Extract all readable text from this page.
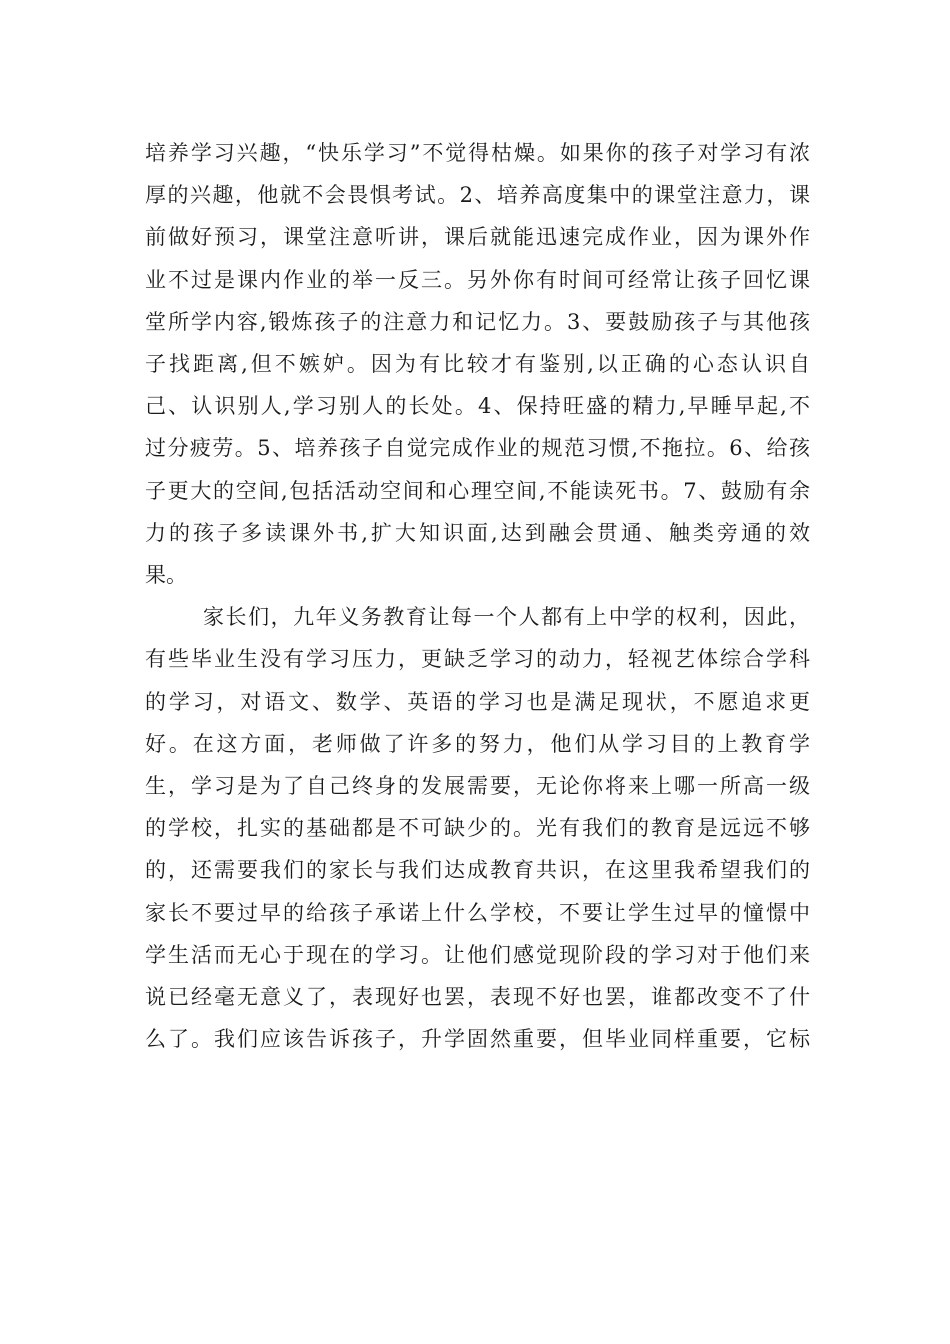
培养学习兴趣，“快乐学习”不觉得枯燥。如果你的孩子对学习有浓
厚的兴趣，他就不会畏惧考试。2、培养高度集中的课堂注意力，课
前做好预习，课堂注意听讲，课后就能迅速完成作业，因为课外作
业不过是课内作业的举一反三。另外你有时间可经常让孩子回忆课
堂所学内容,锻炼孩子的注意力和记忆力。3、要鼓励孩子与其他孩
子找距离,但不嫉妒。因为有比较才有鉴别,以正确的心态认识自
己、认识别人,学习别人的长处。4、保持旺盛的精力,早睡早起,不
过分疲劳。5、培养孩子自觉完成作业的规范习惯,不拖拉。6、给孩
子更大的空间,包括活动空间和心理空间,不能读死书。7、鼓励有余
力的孩子多读课外书,扩大知识面,达到融会贯通、触类旁通的效
果。
家长们，九年义务教育让每一个人都有上中学的权利，因此，
有些毕业生没有学习压力，更缺乏学习的动力，轻视艺体综合学科
的学习，对语文、数学、英语的学习也是满足现状，不愿追求更
好。在这方面，老师做了许多的努力，他们从学习目的上教育学
生，学习是为了自己终身的发展需要，无论你将来上哪一所高一级
的学校，扎实的基础都是不可缺少的。光有我们的教育是远远不够
的，还需要我们的家长与我们达成教育共识，在这里我希望我们的
家长不要过早的给孩子承诺上什么学校，不要让学生过早的憧憬中
学生活而无心于现在的学习。让他们感觉现阶段的学习对于他们来
说已经毫无意义了，表现好也罢，表现不好也罢，谁都改变不了什
么了。我们应该告诉孩子，升学固然重要，但毕业同样重要，它标
